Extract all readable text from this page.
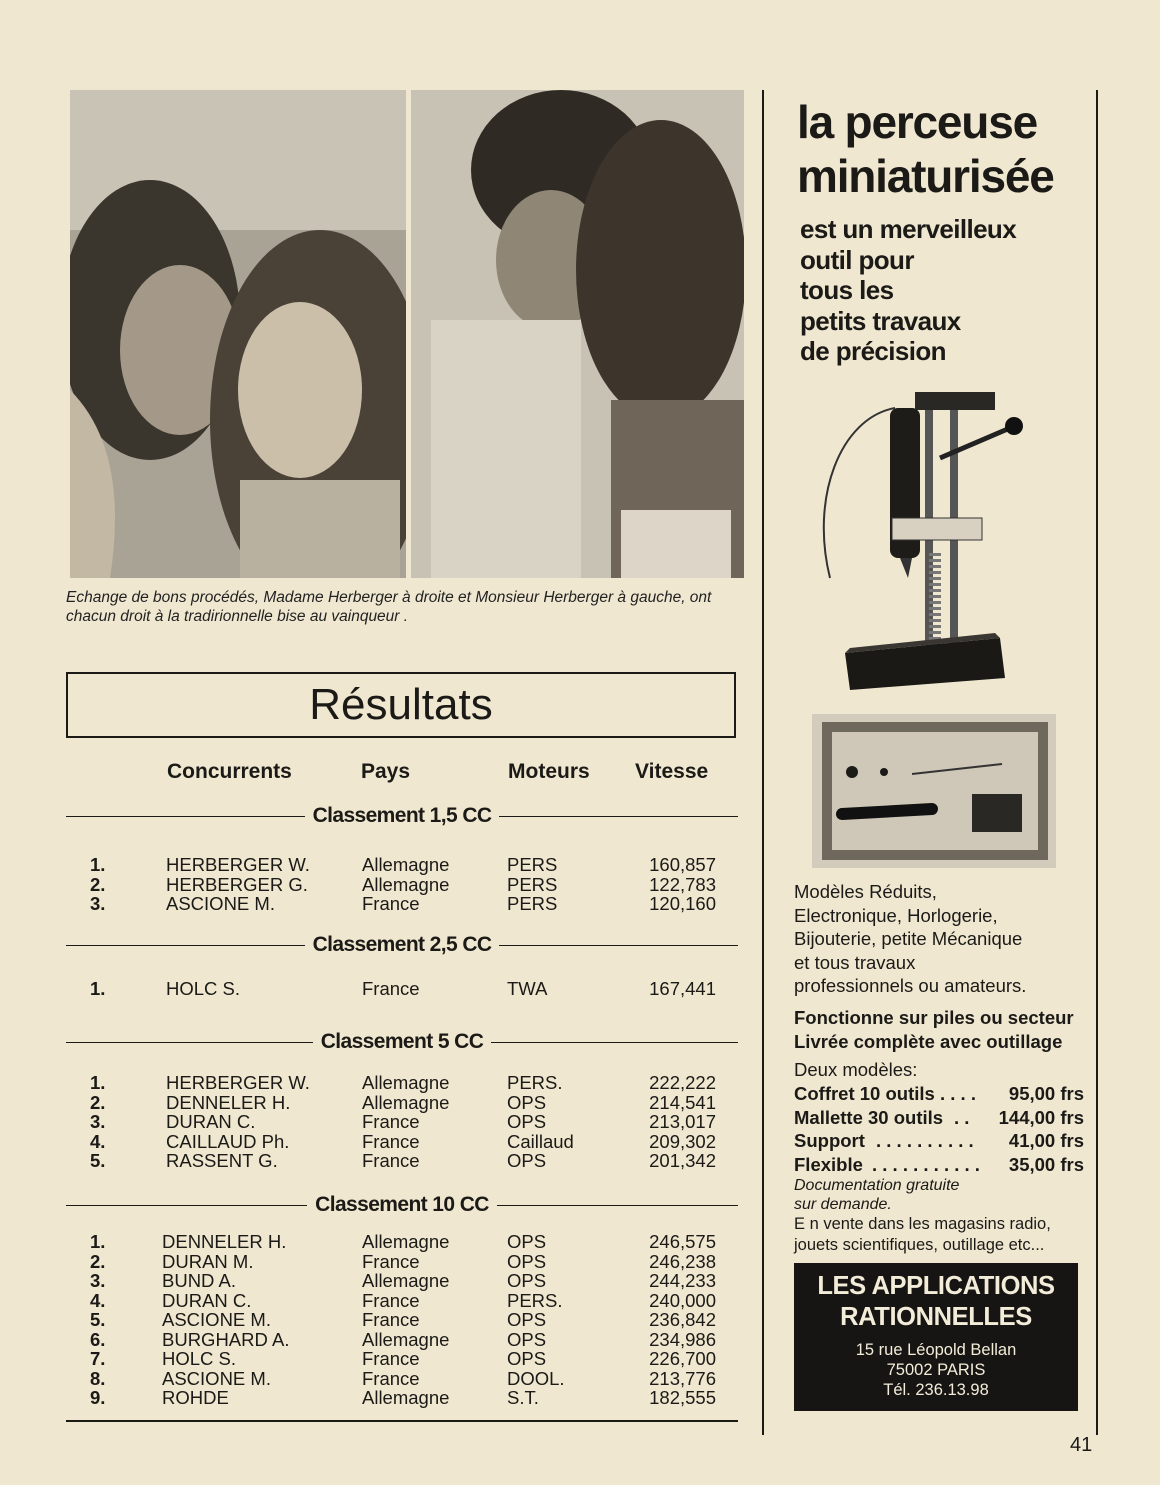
Echange de bons procédés, Madame Herberger à droite et Monsieur Herberger à gauche, ont chacun droit à la tradirionnelle bise au vainqueur .
Résultats
Concurrents	Pays	Moteurs Vitesse
Classement 1,5 CC
1.	HERBERGER W.	Allemagne	PERS	160,857
2.	HERBERGER G.	Allemagne	PERS	122,783
3.	ASCIONE M.	France	PERS	120,160
Classement 2,5 CC
1.	HOLC S.	France	TWA	167,441
Classement 5 CC
1.	HERBERGER W.	Allemagne	PERS.	222,222
2.	DENNELER H.	Allemagne	OPS	214,541
3.	DURAN C.	France	OPS	213,017
4.	CAILLAUD Ph.	France	Caillaud	209,302
5.	RASSENT G.	France	OPS	201,342
Classement 10 CC
1.	DENNELER H.	Allemagne	OPS	246,575
2.	DURAN M.	France	OPS	246,238
3.	BUND A.	Allemagne	OPS	244,233
4.	DURAN C.	France	PERS.	240,000
5.	ASCIONE M.	France	OPS	236,842
6.	BURGHARD A.	Allemagne	OPS	234,986
7.	HOLC S.	France	OPS	226,700
8.	ASCIONE M.	France	DOOL.	213,776
9.	ROHDE	Allemagne	S.T.	182,555
la perceuse
miniaturisée
est un merveilleux
outil pour
tous les
petits travaux
de précision
Modèles Réduits,
Electronique, Horlogerie,
Bijouterie, petite Mécanique
et tous travaux
professionnels ou amateurs.
Fonctionne sur piles ou secteur
Livrée complète avec outillage
Deux modèles:
Coffret 10 outils . . . .	95,00 frs
Mallette 30 outils . .	144,00 frs
Support . . . . . . . . . .	41,00 frs
Flexible . . . . . . . . . . .	35,00 frs
Documentation gratuite
sur demande.
E n vente dans les magasins radio,
jouets scientifiques, outillage etc...
LES APPLICATIONS
RATIONNELLES
15 rue Léopold Bellan
75002 PARIS
Tél. 236.13.98
41
